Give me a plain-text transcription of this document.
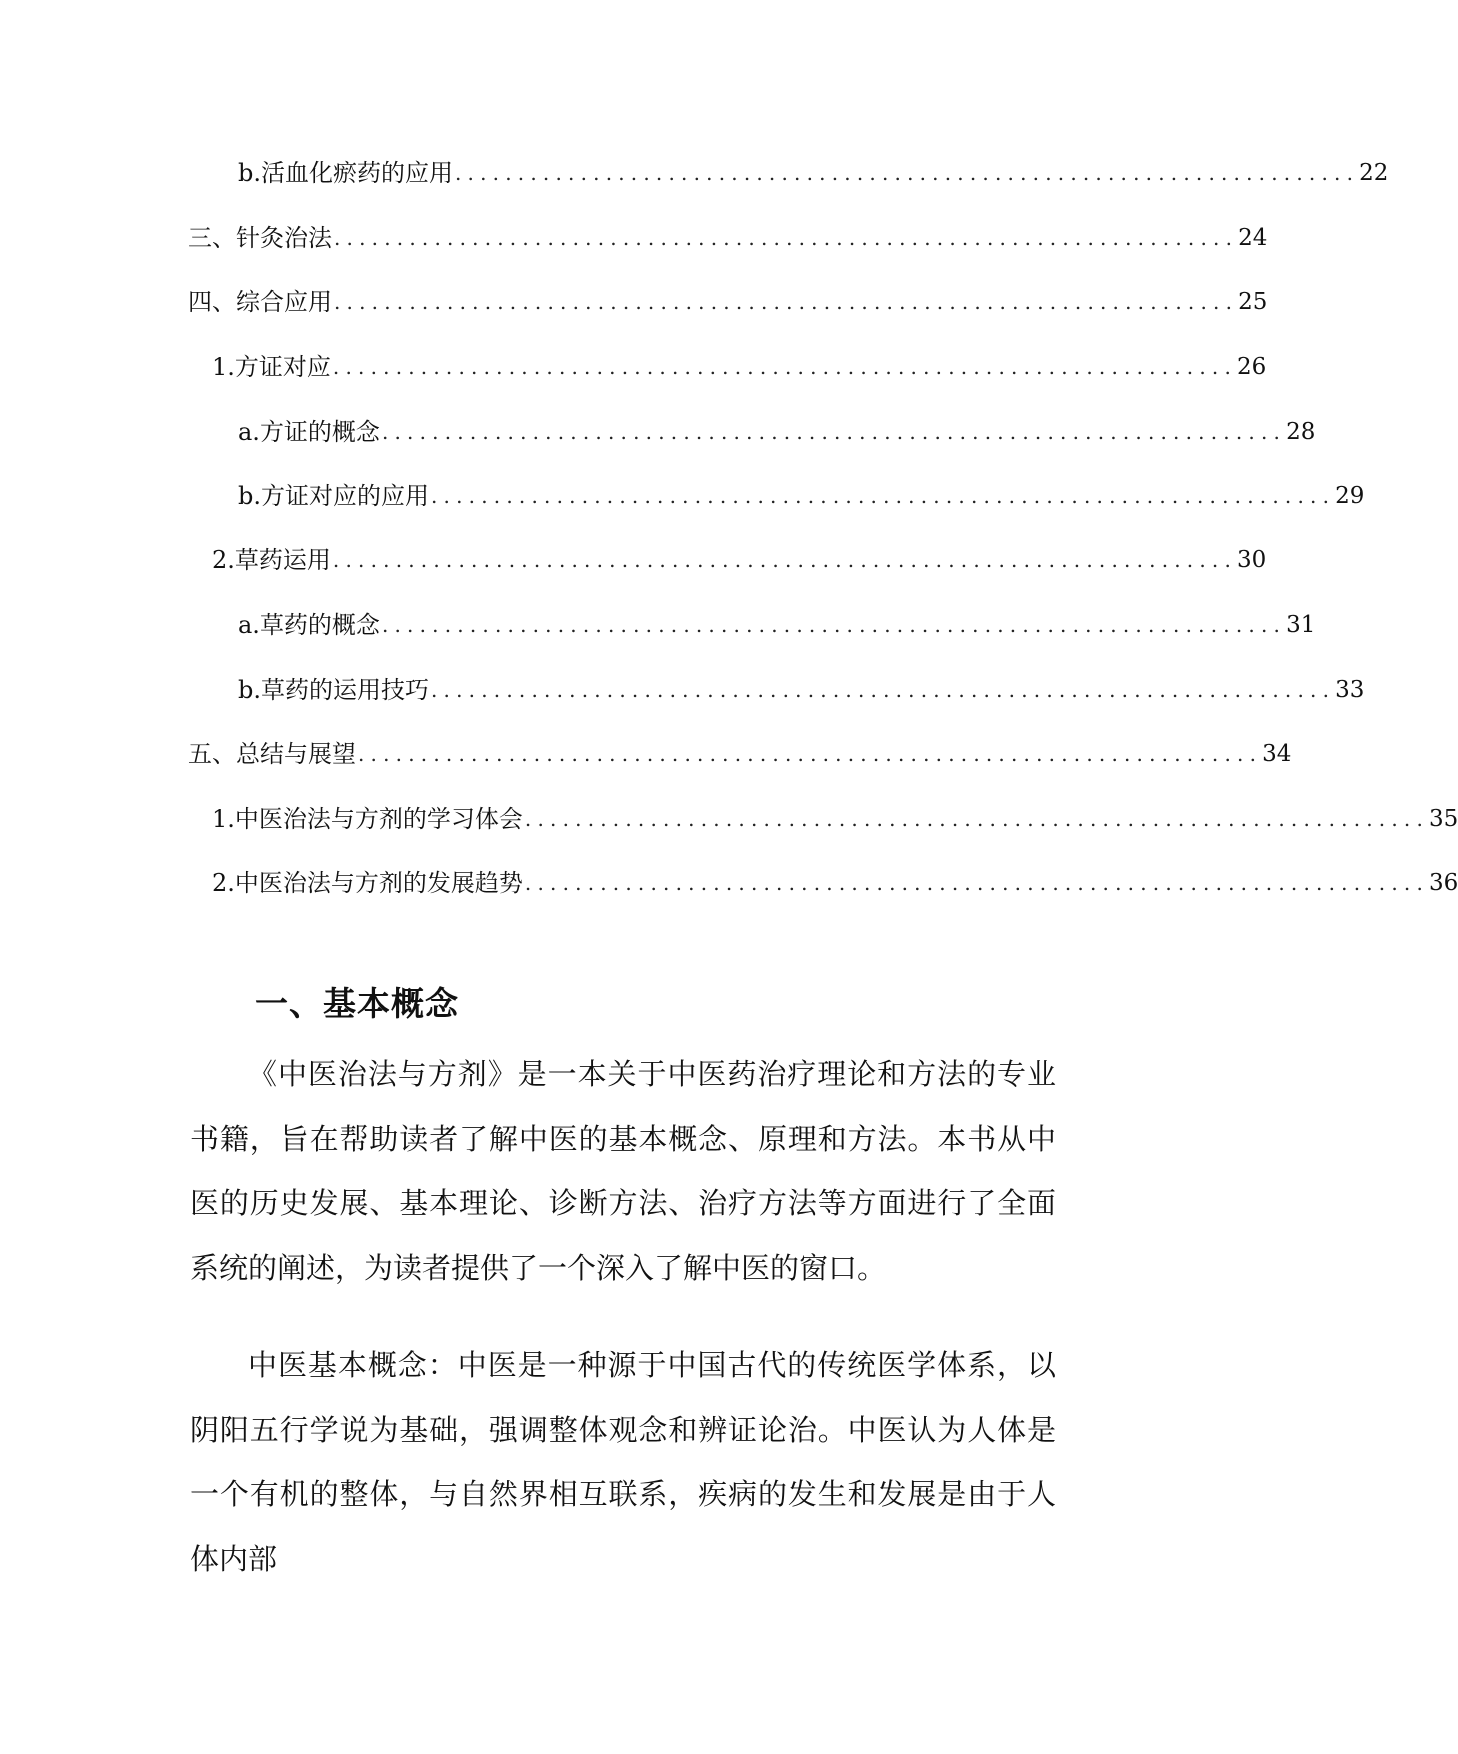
b. 活血化瘀药的应用 ........................................................................ 22
三、针灸治法 ........................................................................ 24
四、综合应用 ........................................................................ 25
1. 方证对应 ........................................................................ 26
a. 方证的概念 ........................................................................ 28
b. 方证对应的应用 ........................................................................ 29
2. 草药运用 ........................................................................ 30
a. 草药的概念 ........................................................................ 31
b. 草药的运用技巧 ........................................................................ 33
五、总结与展望 ........................................................................ 34
1. 中医治法与方剂的学习体会 ........................................................................ 35
2. 中医治法与方剂的发展趋势 ........................................................................ 36
一、基本概念

《中医治法与方剂》是一本关于中医药治疗理论和方法的专业书籍，旨在帮助读者了解中医的基本概念、原理和方法。本书从中医的历史发展、基本理论、诊断方法、治疗方法等方面进行了全面系统的阐述，为读者提供了一个深入了解中医的窗口。

中医基本概念：中医是一种源于中国古代的传统医学体系，以阴阳五行学说为基础，强调整体观念和辨证论治。中医认为人体是一个有机的整体，与自然界相互联系，疾病的发生和发展是由于人体内部
